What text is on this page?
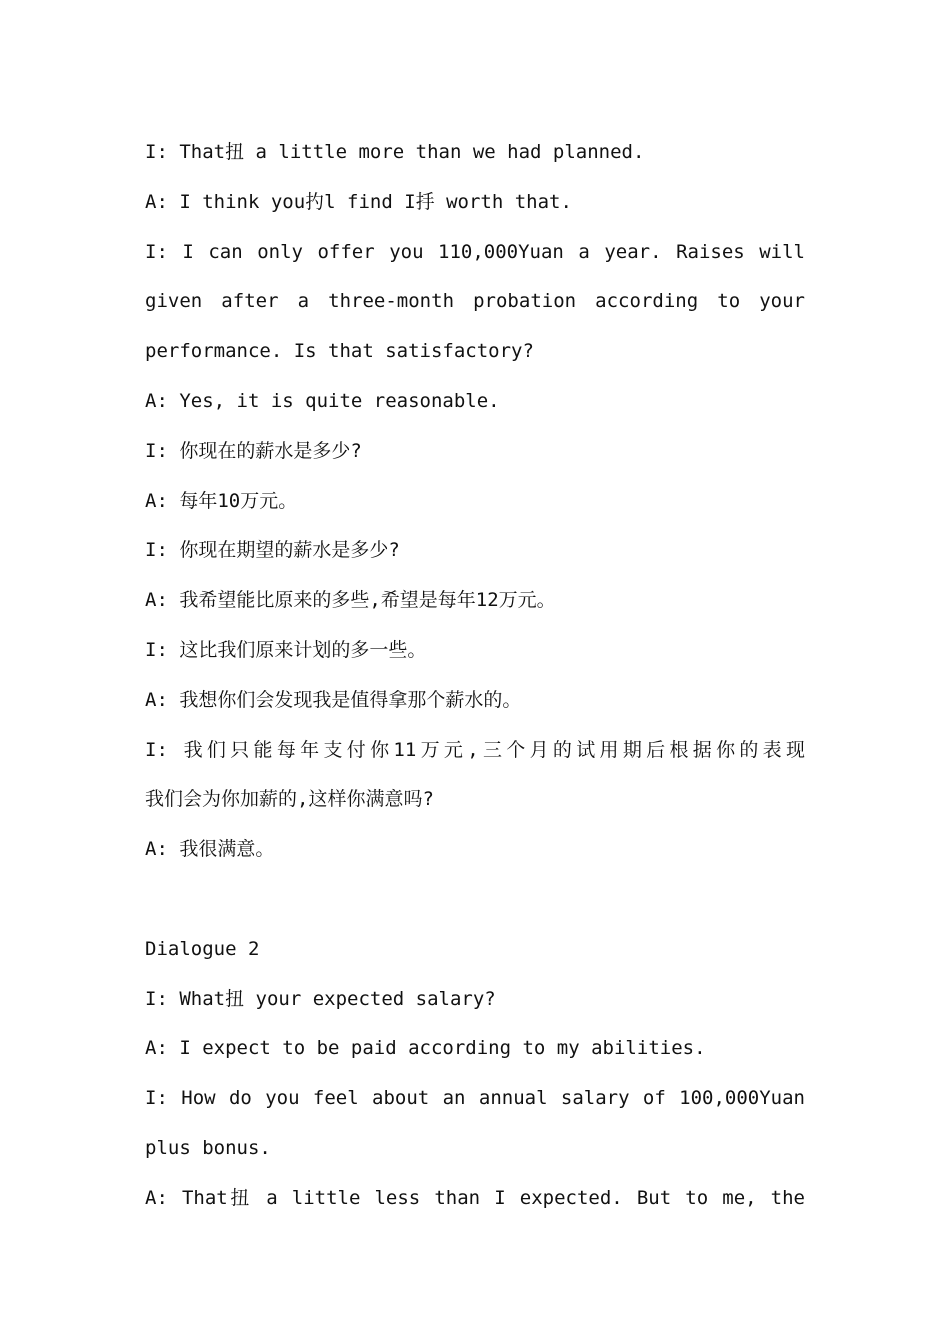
I: That扭 a little more than we had planned.
A: I think you扚l find I抙 worth that.
I: I can only offer you 110,000Yuan a year. Raises will
given after a three-month probation according to your
performance. Is that satisfactory?
A: Yes, it is quite reasonable.
I: 你现在的薪水是多少?
A: 每年10万元。
I: 你现在期望的薪水是多少?
A: 我希望能比原来的多些,希望是每年12万元。
I: 这比我们原来计划的多一些。
A: 我想你们会发现我是值得拿那个薪水的。
I: 我们只能每年支付你11万元,三个月的试用期后根据你的表现
我们会为你加薪的,这样你满意吗?
A: 我很满意。
Dialogue 2
I: What扭 your expected salary?
A: I expect to be paid according to my abilities.
I: How do you feel about an annual salary of 100,000Yuan
plus bonus.
A: That扭 a little less than I expected. But to me, the
